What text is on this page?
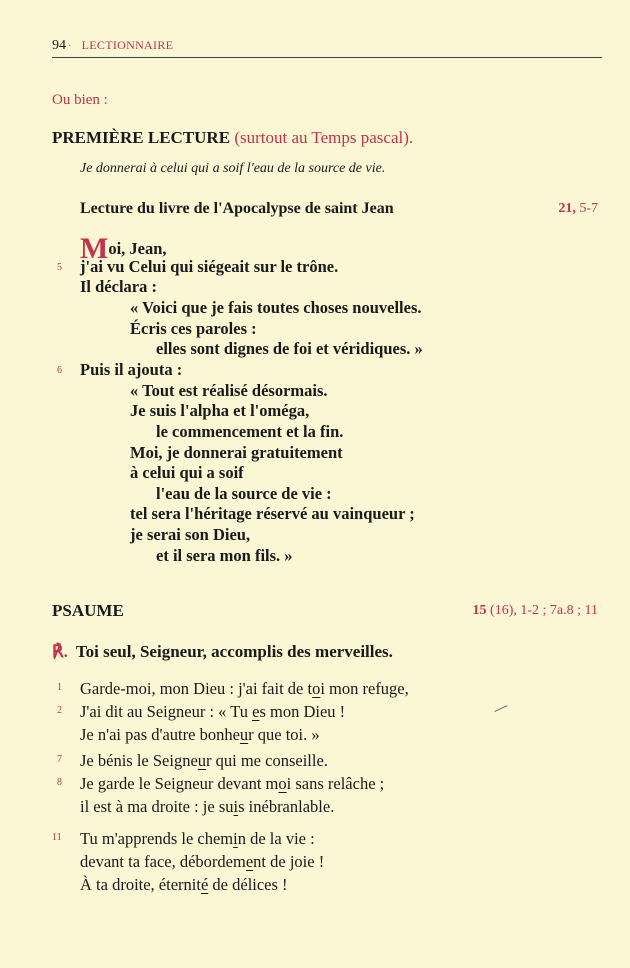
94 · LECTIONNAIRE
Ou bien :
PREMIÈRE LECTURE (surtout au Temps pascal).
Je donnerai à celui qui a soif l'eau de la source de vie.
Lecture du livre de l'Apocalypse de saint Jean	21, 5-7
Moi, Jean,
5 j'ai vu Celui qui siégeait sur le trône.
Il déclara :
« Voici que je fais toutes choses nouvelles.
Écris ces paroles :
elles sont dignes de foi et véridiques. »
6 Puis il ajouta :
« Tout est réalisé désormais.
Je suis l'alpha et l'oméga,
le commencement et la fin.
Moi, je donnerai gratuitement
à celui qui a soif
l'eau de la source de vie :
tel sera l'héritage réservé au vainqueur ;
je serai son Dieu,
et il sera mon fils. »
PSAUME	15 (16), 1-2 ; 7a.8 ; 11
℟. Toi seul, Seigneur, accomplis des merveilles.
1 Garde-moi, mon Dieu : j'ai fait de toi mon refuge,
2 J'ai dit au Seigneur : « Tu es mon Dieu !
Je n'ai pas d'autre bonheur que toi. »
7 Je bénis le Seigneur qui me conseille.
8 Je garde le Seigneur devant moi sans relâche ;
il est à ma droite : je suis inébranlable.
11 Tu m'apprends le chemin de la vie :
devant ta face, débordement de joie !
À ta droite, éternité de délices !
